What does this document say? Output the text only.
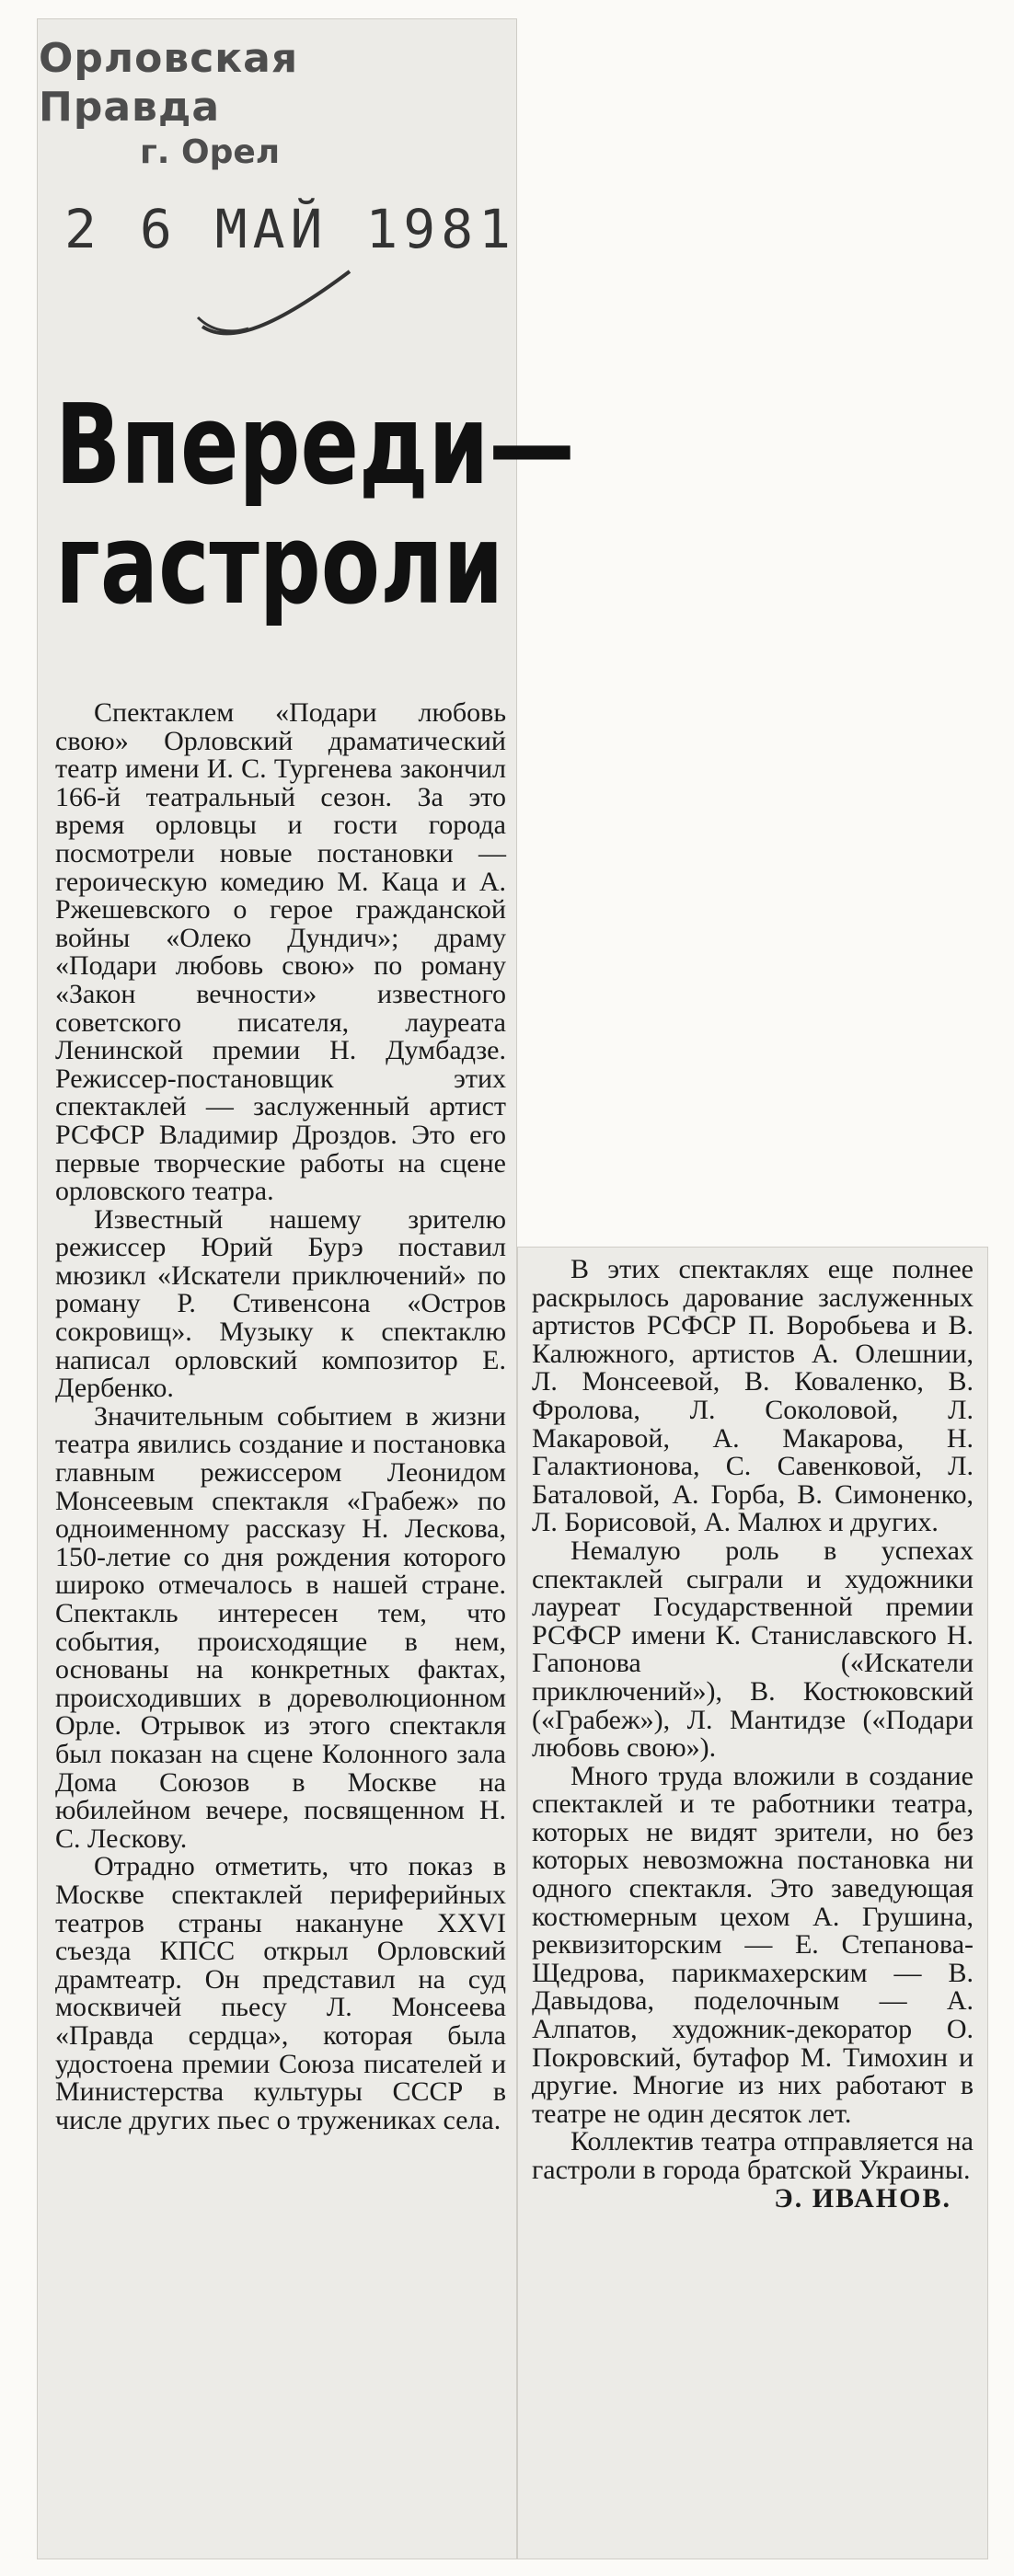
Орловская Правда
г. Орел
2 6 МАЙ 1981
Впереди—
гастроли

Спектаклем «Подари любовь свою» Орловский драматический театр имени И. С. Тургенева закончил 166-й театральный сезон. За это время орловцы и гости города посмотрели новые постановки — героическую комедию М. Каца и А. Ржешевского о герое гражданской войны «Олеко Дундич»; драму «Подари любовь свою» по роману «Закон вечности» известного советского писателя, лауреата Ленинской премии Н. Думбадзе. Режиссер-постановщик этих спектаклей — заслуженный артист РСФСР Владимир Дроздов. Это его первые творческие работы на сцене орловского театра.

Известный нашему зрителю режиссер Юрий Бурэ поставил мюзикл «Искатели приключений» по роману Р. Стивенсона «Остров сокровищ». Музыку к спектаклю написал орловский композитор Е. Дербенко.

Значительным событием в жизни театра явились создание и постановка главным режиссером Леонидом Монсеевым спектакля «Грабеж» по одноименному рассказу Н. Лескова, 150-летие со дня рождения которого широко отмечалось в нашей стране. Спектакль интересен тем, что события, происходящие в нем, основаны на конкретных фактах, происходивших в дореволюционном Орле. Отрывок из этого спектакля был показан на сцене Колонного зала Дома Союзов в Москве на юбилейном вечере, посвященном Н. С. Лескову.

Отрадно отметить, что показ в Москве спектаклей периферийных театров страны накануне XXVI съезда КПСС открыл Орловский драмтеатр. Он представил на суд москвичей пьесу Л. Монсеева «Правда сердца», которая была удостоена премии Союза писателей и Министерства культуры СССР в числе других пьес о тружениках села.

В этих спектаклях еще полнее раскрылось дарование заслуженных артистов РСФСР П. Воробьева и В. Калюжного, артистов А. Олешнии, Л. Монсеевой, В. Коваленко, В. Фролова, Л. Соколовой, Л. Макаровой, А. Макарова, Н. Галактионова, С. Савенковой, Л. Баталовой, А. Горба, В. Симоненко, Л. Борисовой, А. Малюх и других.

Немалую роль в успехах спектаклей сыграли и художники лауреат Государственной премии РСФСР имени К. Станиславского Н. Гапонова («Искатели приключений»), В. Костюковский («Грабеж»), Л. Мантидзе («Подари любовь свою»).

Много труда вложили в создание спектаклей и те работники театра, которых не видят зрители, но без которых невозможна постановка ни одного спектакля. Это заведующая костюмерным цехом А. Грушина, реквизиторским — Е. Степанова-Щедрова, парикмахерским — В. Давыдова, поделочным — А. Алпатов, художник-декоратор О. Покровский, бутафор М. Тимохин и другие. Многие из них работают в театре не один десяток лет.

Коллектив театра отправляется на гастроли в города братской Украины.

Э. ИВАНОВ.
